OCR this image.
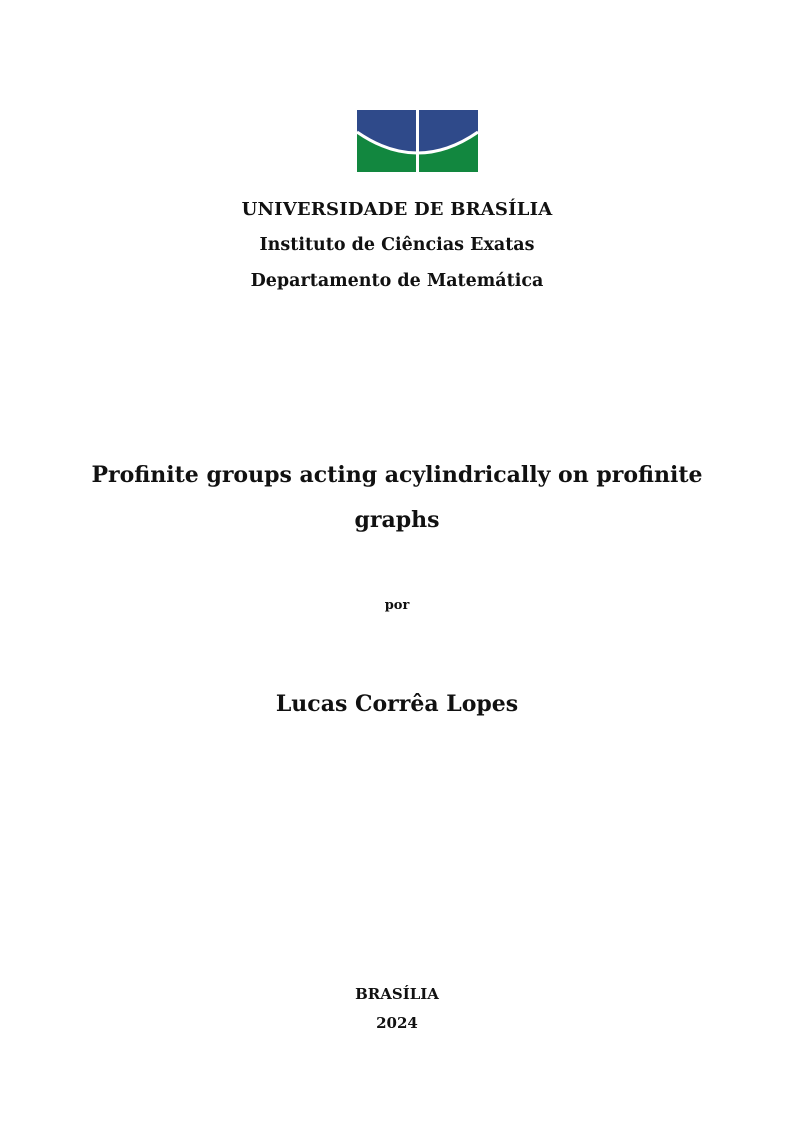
UNIVERSIDADE DE BRASÍLIA
Instituto de Ciências Exatas
Departamento de Matemática
Profinite groups acting acylindrically on profinite
graphs
por
Lucas Corrêa Lopes
BRASÍLIA
2024
